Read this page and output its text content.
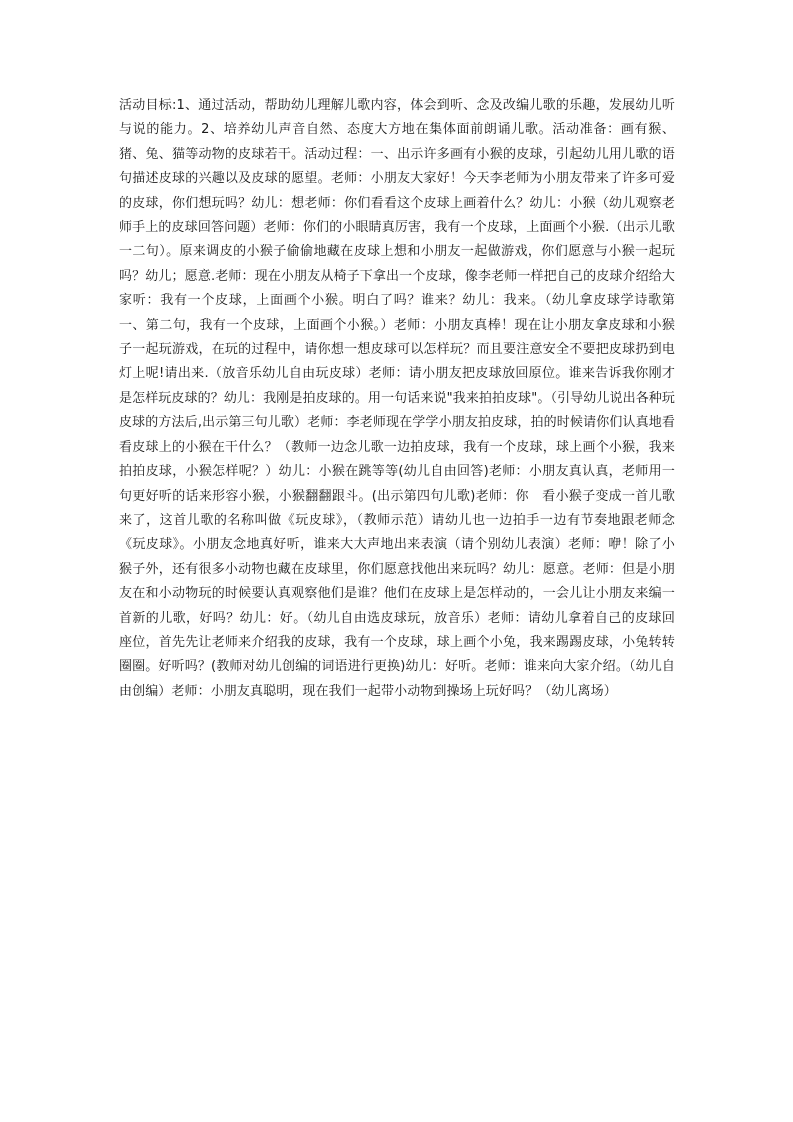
活动目标:1、通过活动，帮助幼儿理解儿歌内容，体会到听、念及改编儿歌的乐趣，发展幼儿听与说的能力。2、培养幼儿声音自然、态度大方地在集体面前朗诵儿歌。活动准备：画有猴、猪、兔、猫等动物的皮球若干。活动过程：一、出示许多画有小猴的皮球，引起幼儿用儿歌的语句描述皮球的兴趣以及皮球的愿望。老师：小朋友大家好！今天李老师为小朋友带来了许多可爱的皮球，你们想玩吗？幼儿：想老师：你们看看这个皮球上画着什么？幼儿：小猴（幼儿观察老师手上的皮球回答问题）老师：你们的小眼睛真厉害，我有一个皮球，上面画个小猴.（出示儿歌一二句）。原来调皮的小猴子偷偷地藏在皮球上想和小朋友一起做游戏，你们愿意与小猴一起玩吗？幼儿；愿意.老师：现在小朋友从椅子下拿出一个皮球，像李老师一样把自己的皮球介绍给大家听：我有一个皮球，上面画个小猴。明白了吗？谁来？幼儿：我来。（幼儿拿皮球学诗歌第一、第二句，我有一个皮球，上面画个小猴。）老师：小朋友真棒！现在让小朋友拿皮球和小猴子一起玩游戏，在玩的过程中，请你想一想皮球可以怎样玩？而且要注意安全不要把皮球扔到电灯上呢!请出来.（放音乐幼儿自由玩皮球）老师：请小朋友把皮球放回原位。谁来告诉我你刚才是怎样玩皮球的？幼儿：我刚是拍皮球的。用一句话来说"我来拍拍皮球"。（引导幼儿说出各种玩皮球的方法后,出示第三句儿歌）老师：李老师现在学学小朋友拍皮球，拍的时候请你们认真地看看皮球上的小猴在干什么？（教师一边念儿歌一边拍皮球，我有一个皮球，球上画个小猴，我来拍拍皮球，小猴怎样呢？）幼儿：小猴在跳等等(幼儿自由回答)老师：小朋友真认真，老师用一句更好听的话来形容小猴，小猴翻翻跟斗。(出示第四句儿歌)老师：你　看小猴子变成一首儿歌来了，这首儿歌的名称叫做《玩皮球》，（教师示范）请幼儿也一边拍手一边有节奏地跟老师念《玩皮球》。小朋友念地真好听，谁来大大声地出来表演（请个别幼儿表演）老师：咿！除了小猴子外，还有很多小动物也藏在皮球里，你们愿意找他出来玩吗？幼儿：愿意。老师：但是小朋友在和小动物玩的时候要认真观察他们是谁？他们在皮球上是怎样动的，一会儿让小朋友来编一首新的儿歌，好吗？幼儿：好。（幼儿自由选皮球玩，放音乐）老师：请幼儿拿着自己的皮球回座位，首先先让老师来介绍我的皮球，我有一个皮球，球上画个小兔，我来踢踢皮球，小兔转转圈圈。好听吗？(教师对幼儿创编的词语进行更换)幼儿：好听。老师：谁来向大家介绍。（幼儿自由创编）老师：小朋友真聪明，现在我们一起带小动物到操场上玩好吗？（幼儿离场）
